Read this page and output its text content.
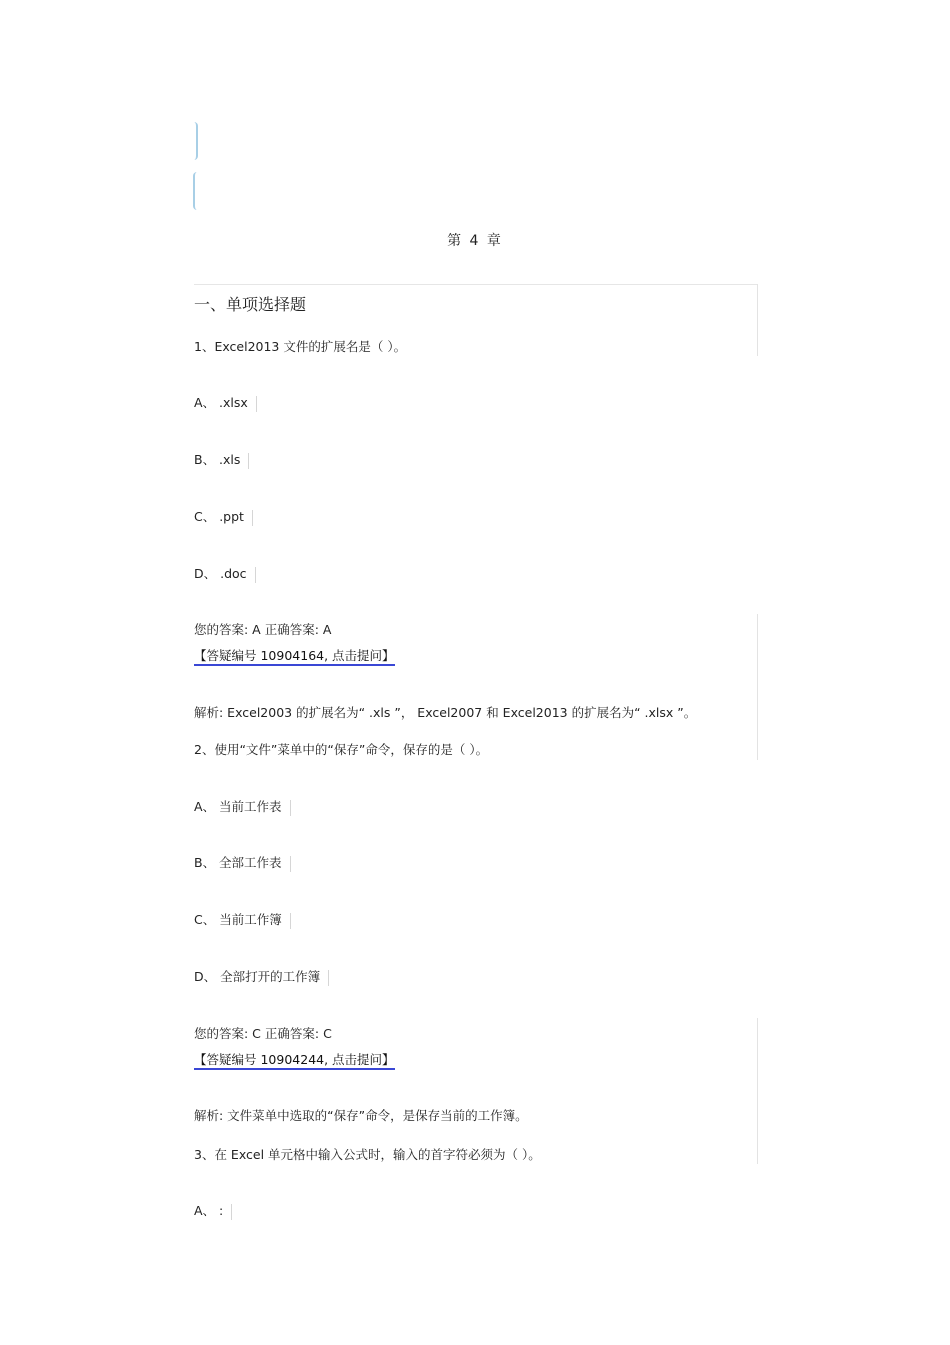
第 4 章
一、单项选择题
1、Excel2013 文件的扩展名是（ ）。
A、 .xlsx
B、 .xls
C、 .ppt
D、 .doc
您的答案: A 正确答案: A
【答疑编号 10904164, 点击提问】
解析: Excel2003 的扩展名为“ .xls ”， Excel2007 和 Excel2013 的扩展名为“ .xlsx ”。
2、使用“文件”菜单中的“保存”命令，保存的是（ ）。
A、 当前工作表
B、 全部工作表
C、 当前工作簿
D、 全部打开的工作簿
您的答案: C 正确答案: C
【答疑编号 10904244, 点击提问】
解析: 文件菜单中选取的“保存”命令，是保存当前的工作簿。
3、在 Excel 单元格中输入公式时，输入的首字符必须为（ ）。
A、 :
